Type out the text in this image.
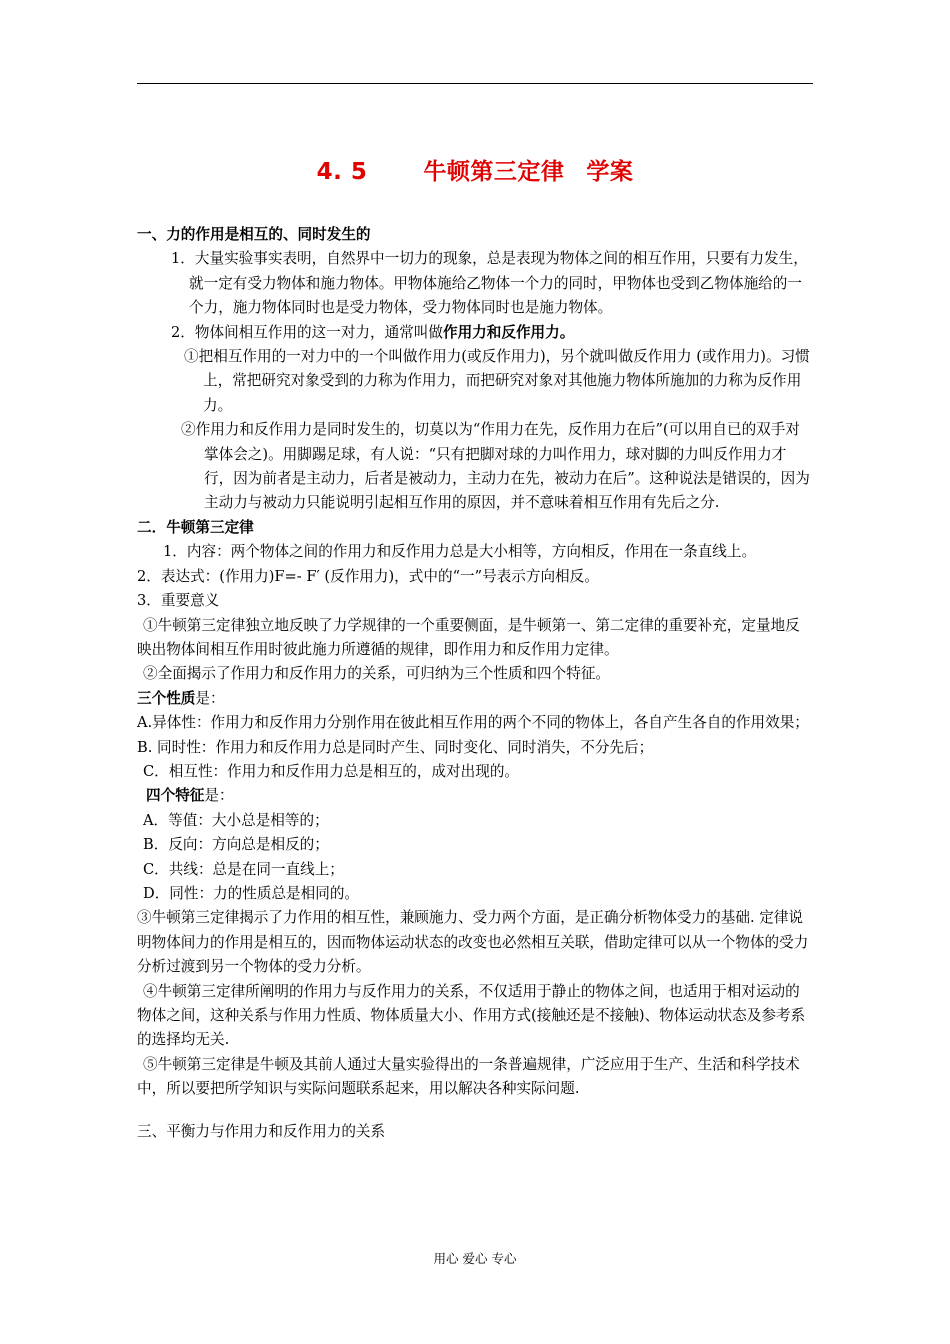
4. 5 牛顿第三定律 学案

一、力的作用是相互的、同时发生的

1．大量实验事实表明，自然界中一切力的现象，总是表现为物体之间的相互作用，只要有力发生，就一定有受力物体和施力物体。甲物体施给乙物体一个力的同时，甲物体也受到乙物体施给的一个力，施力物体同时也是受力物体，受力物体同时也是施力物体。

2．物体间相互作用的这一对力，通常叫做作用力和反作用力。

①把相互作用的一对力中的一个叫做作用力(或反作用力)，另个就叫做反作用力 (或作用力)。习惯上，常把研究对象受到的力称为作用力，而把研究对象对其他施力物体所施加的力称为反作用力。

②作用力和反作用力是同时发生的，切莫以为“作用力在先，反作用力在后”(可以用自已的双手对掌体会之)。用脚踢足球，有人说：“只有把脚对球的力叫作用力，球对脚的力叫反作用力才行，因为前者是主动力，后者是被动力，主动力在先，被动力在后”。这种说法是错误的，因为主动力与被动力只能说明引起相互作用的原因，并不意味着相互作用有先后之分.

二．牛顿第三定律

1．内容：两个物体之间的作用力和反作用力总是大小相等，方向相反，作用在一条直线上。

2．表达式：(作用力)F=- F′ (反作用力)，式中的“一”号表示方向相反。

3．重要意义

①牛顿第三定律独立地反映了力学规律的一个重要侧面，是牛顿第一、第二定律的重要补充，定量地反映出物体间相互作用时彼此施力所遵循的规律，即作用力和反作用力定律。

②全面揭示了作用力和反作用力的关系，可归纳为三个性质和四个特征。

三个性质是：

A.异体性：作用力和反作用力分别作用在彼此相互作用的两个不同的物体上，各自产生各自的作用效果；

B. 同时性：作用力和反作用力总是同时产生、同时变化、同时消失，不分先后；

C．相互性：作用力和反作用力总是相互的，成对出现的。

四个特征是：

A．等值：大小总是相等的；

B．反向：方向总是相反的；

C．共线：总是在同一直线上；

D．同性：力的性质总是相同的。

③牛顿第三定律揭示了力作用的相互性，兼顾施力、受力两个方面，是正确分析物体受力的基础. 定律说明物体间力的作用是相互的，因而物体运动状态的改变也必然相互关联，借助定律可以从一个物体的受力分析过渡到另一个物体的受力分析。

④牛顿第三定律所阐明的作用力与反作用力的关系，不仅适用于静止的物体之间，也适用于相对运动的物体之间，这种关系与作用力性质、物体质量大小、作用方式(接触还是不接触)、物体运动状态及参考系的选择均无关.

⑤牛顿第三定律是牛顿及其前人通过大量实验得出的一条普遍规律，广泛应用于生产、生活和科学技术中，所以要把所学知识与实际问题联系起来，用以解决各种实际问题.

三、平衡力与作用力和反作用力的关系

用心 爱心 专心
